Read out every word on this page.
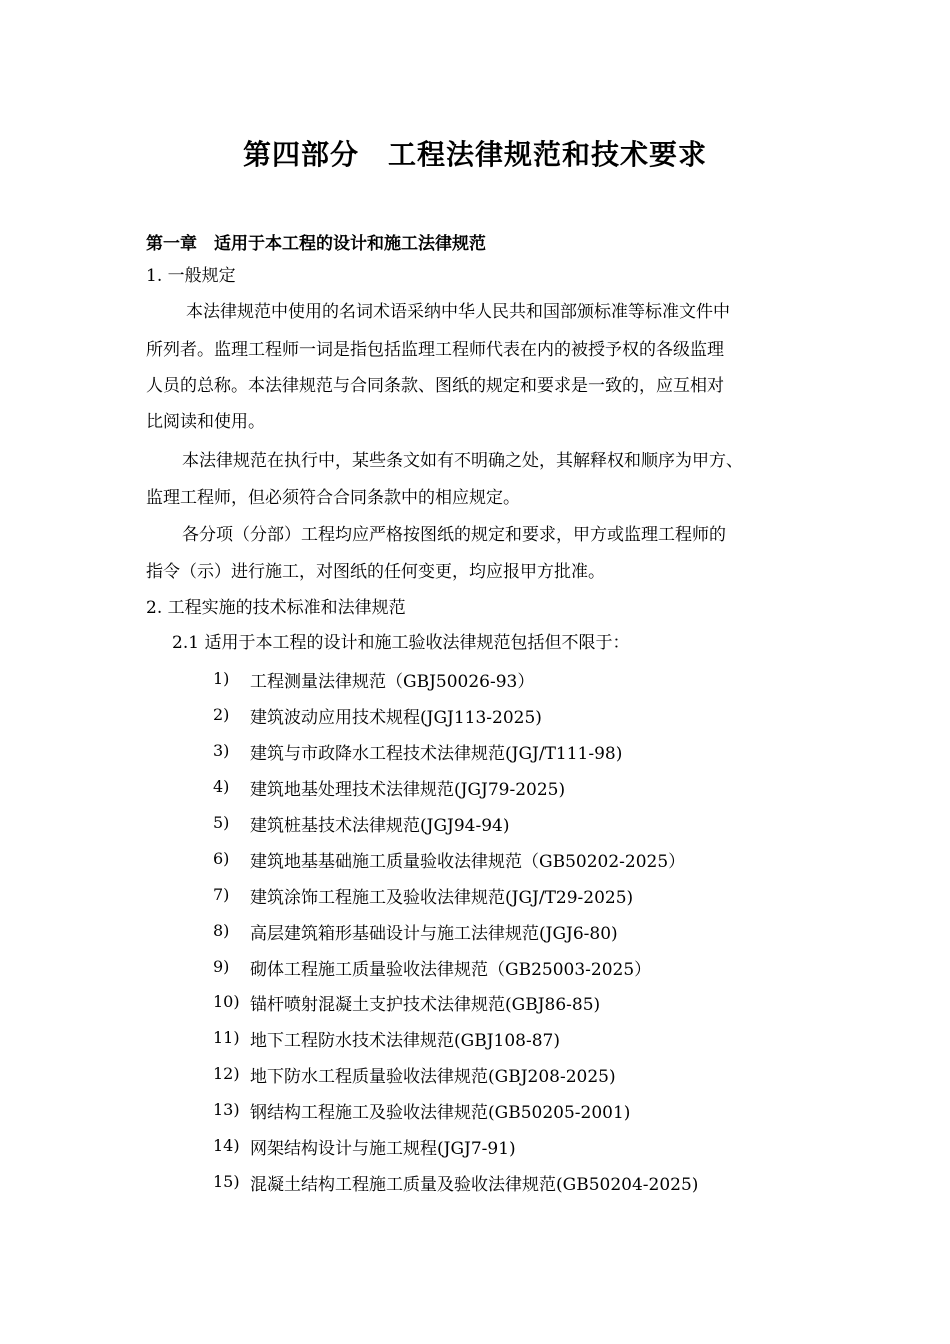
第四部分　工程法律规范和技术要求
第一章　适用于本工程的设计和施工法律规范
1. 一般规定
本法律规范中使用的名词术语采纳中华人民共和国部颁标准等标准文件中
所列者。监理工程师一词是指包括监理工程师代表在内的被授予权的各级监理
人员的总称。本法律规范与合同条款、图纸的规定和要求是一致的，应互相对
比阅读和使用。
本法律规范在执行中，某些条文如有不明确之处，其解释权和顺序为甲方、
监理工程师，但必须符合合同条款中的相应规定。
各分项（分部）工程均应严格按图纸的规定和要求，甲方或监理工程师的
指令（示）进行施工，对图纸的任何变更，均应报甲方批准。
2. 工程实施的技术标准和法律规范
2.1 适用于本工程的设计和施工验收法律规范包括但不限于：
1) 工程测量法律规范（GBJ50026-93）
2) 建筑波动应用技术规程(JGJ113-2025)
3) 建筑与市政降水工程技术法律规范(JGJ/T111-98)
4) 建筑地基处理技术法律规范(JGJ79-2025)
5) 建筑桩基技术法律规范(JGJ94-94)
6) 建筑地基基础施工质量验收法律规范（GB50202-2025）
7) 建筑涂饰工程施工及验收法律规范(JGJ/T29-2025)
8) 高层建筑箱形基础设计与施工法律规范(JGJ6-80)
9) 砌体工程施工质量验收法律规范（GB25003-2025）
10) 锚杆喷射混凝土支护技术法律规范(GBJ86-85)
11) 地下工程防水技术法律规范(GBJ108-87)
12) 地下防水工程质量验收法律规范(GBJ208-2025)
13) 钢结构工程施工及验收法律规范(GB50205-2001)
14) 网架结构设计与施工规程(JGJ7-91)
15) 混凝土结构工程施工质量及验收法律规范(GB50204-2025)
